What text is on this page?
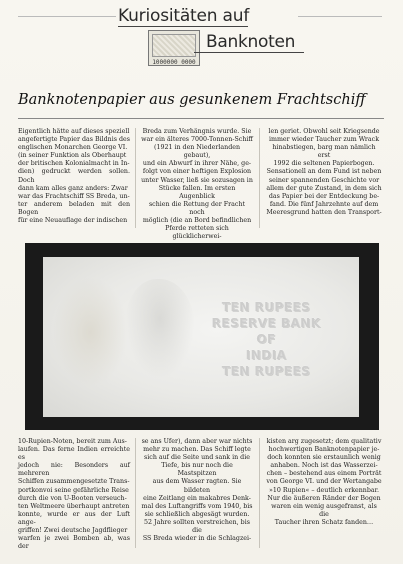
Kuriositäten auf
1000000 0000
Banknoten
Banknotenpapier aus gesunkenem Frachtschiff

Eigentlich hätte auf dieses speziell

angefertigte Papier das Bildnis des

englischen Monarchen George VI.

(in seiner Funktion als Oberhaupt

der britischen Kolonialmacht in In-

dien) gedruckt werden sollen. Doch

dann kam alles ganz anders: Zwar

war das Frachtschiff SS Breda, un-

ter anderem beladen mit den Bogen

für eine Neuauflage der indischen

Breda zum Verhängnis wurde. Sie

war ein älteres 7000-Tonnen-Schiff

(1921 in den Niederlanden gebaut),

und ein Abwurf in ihrer Nähe, ge-

folgt von einer heftigen Explosion

unter Wasser, ließ sie sozusagen in

Stücke fallen. Im ersten Augenblick

schien die Rettung der Fracht noch

möglich (die an Bord befindlichen

Pferde retteten sich glücklicherwei-

len geriet. Obwohl seit Kriegsende

immer wieder Taucher zum Wrack

hinabstiegen, barg man nämlich erst

1992 die seltenen Papierbogen.

Sensationell an dem Fund ist neben

seiner spannenden Geschichte vor

allem der gute Zustand, in dem sich

das Papier bei der Entdeckung be-

fand. Die fünf Jahrzehnte auf dem

Meeresgrund hatten den Transport-

TEN RUPEES
RESERVE BANK
OF
INDIA
TEN RUPEES

10-Rupien-Noten, bereit zum Aus-

laufen. Das ferne Indien erreichte es

jedoch nie: Besonders auf mehreren

Schiffen zusammengesetzte Trans-

portkonvoi seine gefährliche Reise

durch die von U-Booten verseuch-

ten Weltmeere überhaupt antreten

konnte, wurde er aus der Luft ange-

griffen! Zwei deutsche Jagdflieger

warfen je zwei Bomben ab, was der

se ans Ufer), dann aber war nichts

mehr zu machen. Das Schiff legte

sich auf die Seite und sank in die

Tiefe, bis nur noch die Mastspitzen

aus dem Wasser ragten. Sie bildeten

eine Zeitlang ein makabres Denk-

mal des Luftangriffs vom 1940, bis

sie schließlich abgesägt wurden.

52 Jahre sollten verstreichen, bis die

SS Breda wieder in die Schlagzei-

kisten arg zugesetzt; dem qualitativ

hochwertigen Banknotenpapier je-

doch konnten sie erstaunlich wenig

anhaben. Noch ist das Wasserzei-

chen – bestehend aus einem Porträt

von George VI. und der Wertangabe

»10 Rupien« – deutlich erkennbar.

Nur die äußeren Ränder der Bogen

waren ein wenig ausgefranst, als die

Taucher ihren Schatz fanden…
